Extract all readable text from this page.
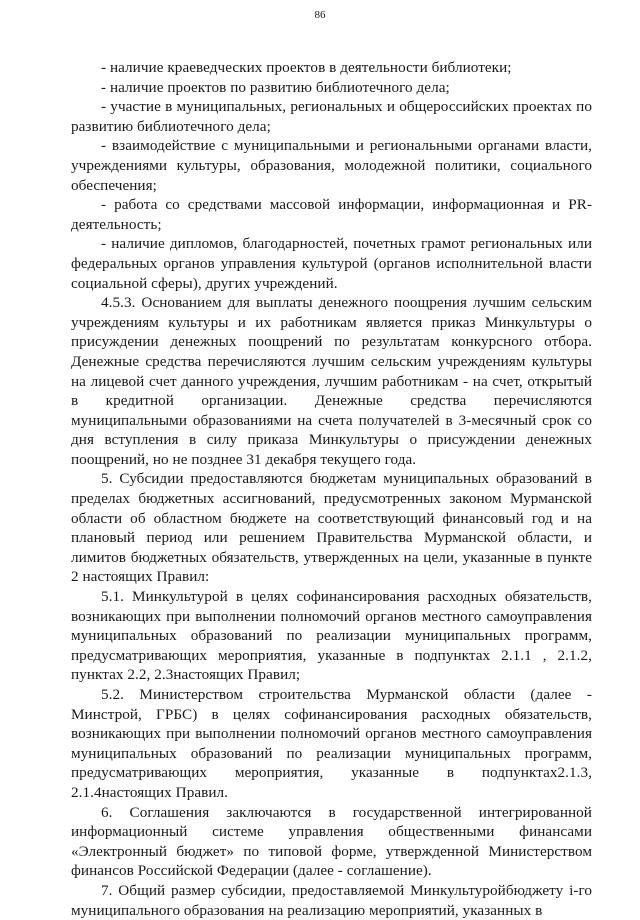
86

- наличие краеведческих проектов в деятельности библиотеки;

- наличие проектов по развитию библиотечного дела;

- участие в муниципальных, региональных и общероссийских проектах по развитию библиотечного дела;

- взаимодействие с муниципальными и региональными органами власти, учреждениями культуры, образования, молодежной политики, социального обеспечения;

- работа со средствами массовой информации, информационная и PR-деятельность;

- наличие дипломов, благодарностей, почетных грамот региональных или федеральных органов управления культурой (органов исполнительной власти социальной сферы), других учреждений.

4.5.3. Основанием для выплаты денежного поощрения лучшим сельским учреждениям культуры и их работникам является приказ Минкультуры о присуждении денежных поощрений по результатам конкурсного отбора. Денежные средства перечисляются лучшим сельским учреждениям культуры на лицевой счет данного учреждения, лучшим работникам - на счет, открытый в кредитной организации. Денежные средства перечисляются муниципальными образованиями на счета получателей в 3-месячный срок со дня вступления в силу приказа Минкультуры о присуждении денежных поощрений, но не позднее 31 декабря текущего года.

5. Субсидии предоставляются бюджетам муниципальных образований в пределах бюджетных ассигнований, предусмотренных законом Мурманской области об областном бюджете на соответствующий финансовый год и на плановый период или решением Правительства Мурманской области, и лимитов бюджетных обязательств, утвержденных на цели, указанные в пункте 2 настоящих Правил:

5.1. Минкультурой в целях софинансирования расходных обязательств, возникающих при выполнении полномочий органов местного самоуправления муниципальных образований по реализации муниципальных программ, предусматривающих мероприятия, указанные в подпунктах 2.1.1 , 2.1.2, пунктах 2.2, 2.3настоящих Правил;

5.2. Министерством строительства Мурманской области (далее - Минстрой, ГРБС) в целях софинансирования расходных обязательств, возникающих при выполнении полномочий органов местного самоуправления муниципальных образований по реализации муниципальных программ, предусматривающих мероприятия, указанные в подпунктах2.1.3, 2.1.4настоящих Правил.

6. Соглашения заключаются в государственной интегрированной информационный системе управления общественными финансами «Электронный бюджет» по типовой форме, утвержденной Министерством финансов Российской Федерации (далее - соглашение).

7. Общий размер субсидии, предоставляемой Минкультуройбюджету i-го муниципального образования на реализацию мероприятий, указанных в
